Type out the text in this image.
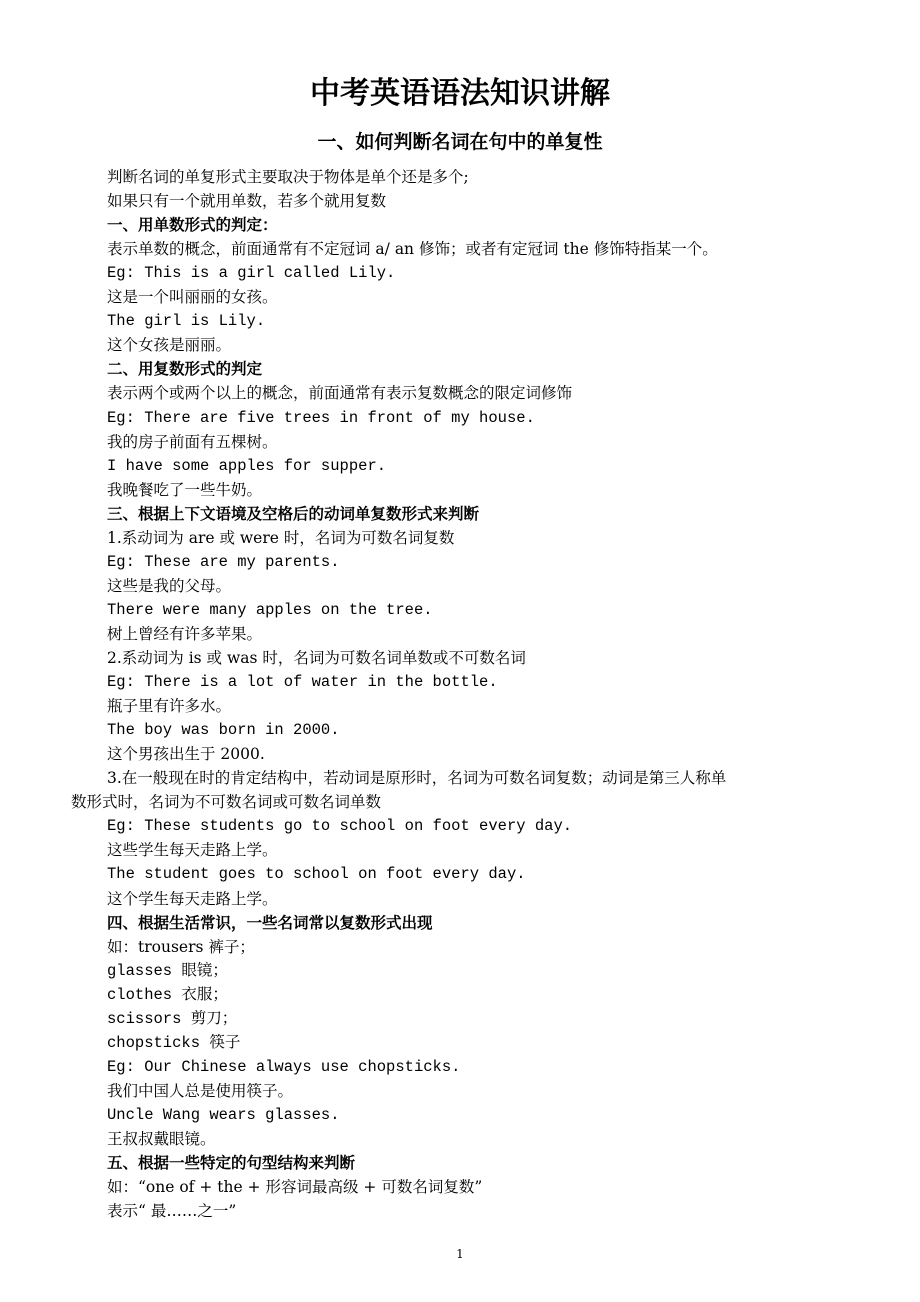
中考英语语法知识讲解
一、如何判断名词在句中的单复性
判断名词的单复形式主要取决于物体是单个还是多个;
如果只有一个就用单数，若多个就用复数
一、用单数形式的判定：
表示单数的概念，前面通常有不定冠词 a/ an 修饰；或者有定冠词 the 修饰特指某一个。
Eg: This is a girl called Lily.
这是一个叫丽丽的女孩。
The girl is Lily.
这个女孩是丽丽。
二、用复数形式的判定
表示两个或两个以上的概念，前面通常有表示复数概念的限定词修饰
Eg: There are five trees in front of my house.
我的房子前面有五棵树。
I have some apples for supper.
我晚餐吃了一些牛奶。
三、根据上下文语境及空格后的动词单复数形式来判断
1.系动词为 are 或 were 时，名词为可数名词复数
Eg: These are my parents.
这些是我的父母。
There were many apples on the tree.
树上曾经有许多苹果。
2.系动词为 is 或 was 时，名词为可数名词单数或不可数名词
Eg: There is a lot of water in the bottle.
瓶子里有许多水。
The boy was born in 2000.
这个男孩出生于 2000.
3.在一般现在时的肯定结构中，若动词是原形时，名词为可数名词复数；动词是第三人称单
数形式时，名词为不可数名词或可数名词单数
Eg: These students go to school on foot every day.
这些学生每天走路上学。
The student goes to school on foot every day.
这个学生每天走路上学。
四、根据生活常识，一些名词常以复数形式出现
如：trousers 裤子；
glasses 眼镜；
clothes 衣服；
scissors 剪刀；
chopsticks 筷子
Eg: Our Chinese always use chopsticks.
我们中国人总是使用筷子。
Uncle Wang wears glasses.
王叔叔戴眼镜。
五、根据一些特定的句型结构来判断
如：“one of + the + 形容词最高级 + 可数名词复数”
表示“ 最……之一”
1
